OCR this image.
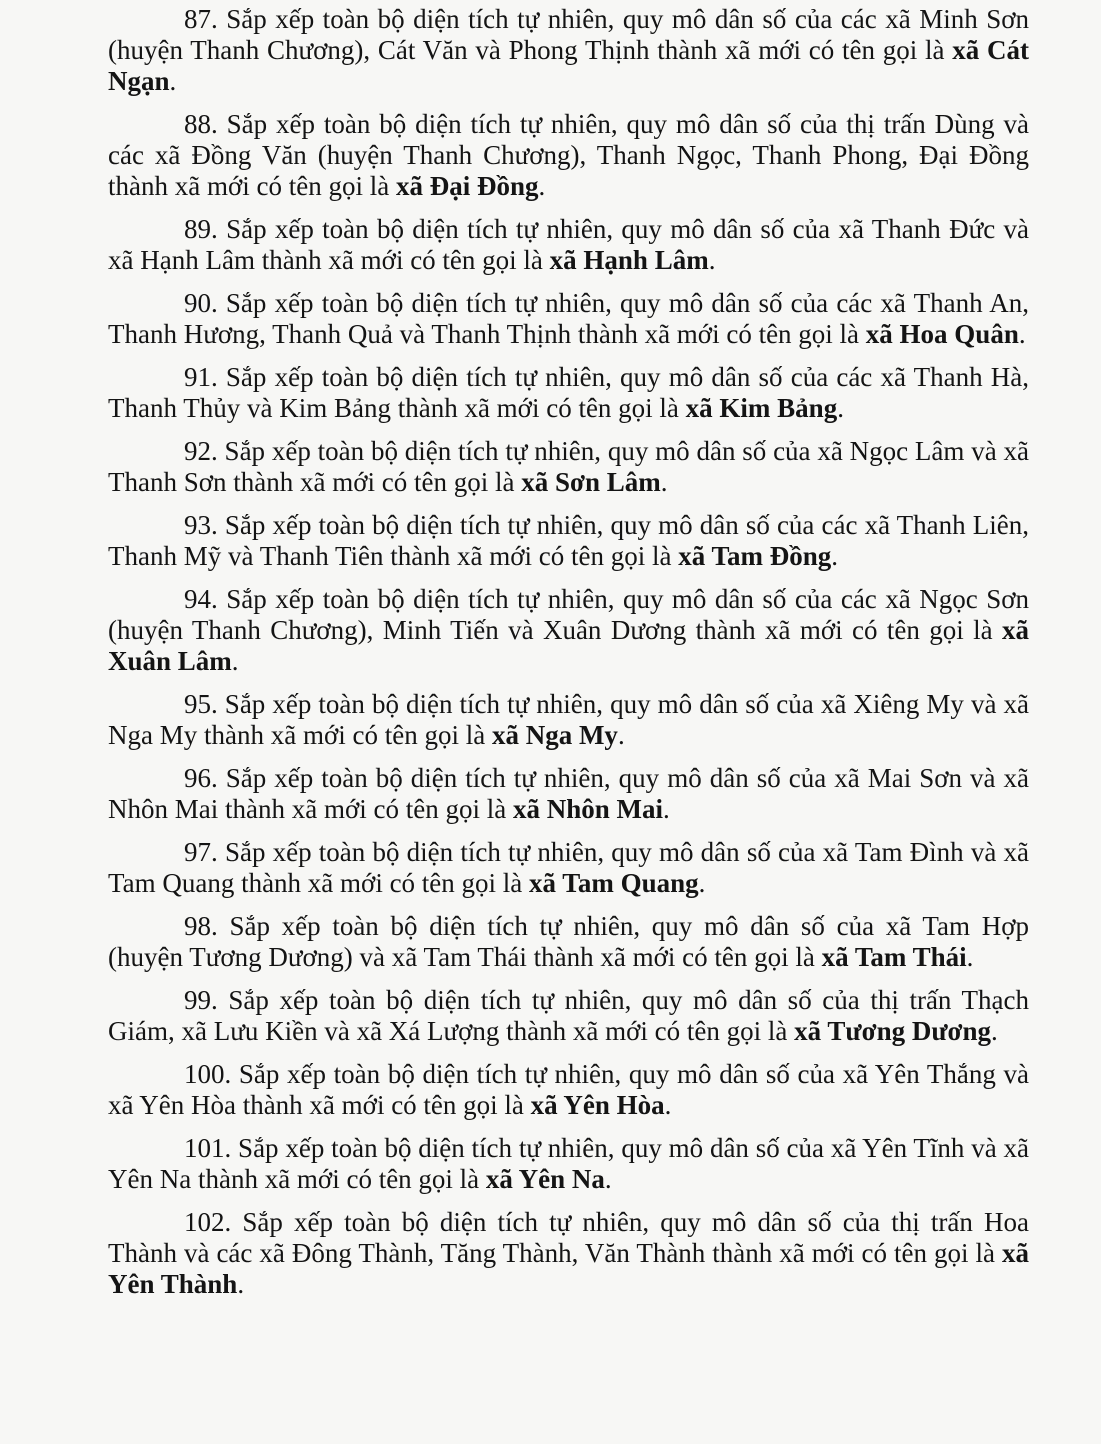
87. Sắp xếp toàn bộ diện tích tự nhiên, quy mô dân số của các xã Minh Sơn (huyện Thanh Chương), Cát Văn và Phong Thịnh thành xã mới có tên gọi là xã Cát Ngạn.

88. Sắp xếp toàn bộ diện tích tự nhiên, quy mô dân số của thị trấn Dùng và các xã Đồng Văn (huyện Thanh Chương), Thanh Ngọc, Thanh Phong, Đại Đồng thành xã mới có tên gọi là xã Đại Đồng.

89. Sắp xếp toàn bộ diện tích tự nhiên, quy mô dân số của xã Thanh Đức và xã Hạnh Lâm thành xã mới có tên gọi là xã Hạnh Lâm.

90. Sắp xếp toàn bộ diện tích tự nhiên, quy mô dân số của các xã Thanh An, Thanh Hương, Thanh Quả và Thanh Thịnh thành xã mới có tên gọi là xã Hoa Quân.

91. Sắp xếp toàn bộ diện tích tự nhiên, quy mô dân số của các xã Thanh Hà, Thanh Thủy và Kim Bảng thành xã mới có tên gọi là xã Kim Bảng.

92. Sắp xếp toàn bộ diện tích tự nhiên, quy mô dân số của xã Ngọc Lâm và xã Thanh Sơn thành xã mới có tên gọi là xã Sơn Lâm.

93. Sắp xếp toàn bộ diện tích tự nhiên, quy mô dân số của các xã Thanh Liên, Thanh Mỹ và Thanh Tiên thành xã mới có tên gọi là xã Tam Đồng.

94. Sắp xếp toàn bộ diện tích tự nhiên, quy mô dân số của các xã Ngọc Sơn (huyện Thanh Chương), Minh Tiến và Xuân Dương thành xã mới có tên gọi là xã Xuân Lâm.

95. Sắp xếp toàn bộ diện tích tự nhiên, quy mô dân số của xã Xiêng My và xã Nga My thành xã mới có tên gọi là xã Nga My.

96. Sắp xếp toàn bộ diện tích tự nhiên, quy mô dân số của xã Mai Sơn và xã Nhôn Mai thành xã mới có tên gọi là xã Nhôn Mai.

97. Sắp xếp toàn bộ diện tích tự nhiên, quy mô dân số của xã Tam Đình và xã Tam Quang thành xã mới có tên gọi là xã Tam Quang.

98. Sắp xếp toàn bộ diện tích tự nhiên, quy mô dân số của xã Tam Hợp (huyện Tương Dương) và xã Tam Thái thành xã mới có tên gọi là xã Tam Thái.

99. Sắp xếp toàn bộ diện tích tự nhiên, quy mô dân số của thị trấn Thạch Giám, xã Lưu Kiền và xã Xá Lượng thành xã mới có tên gọi là xã Tương Dương.

100. Sắp xếp toàn bộ diện tích tự nhiên, quy mô dân số của xã Yên Thắng và xã Yên Hòa thành xã mới có tên gọi là xã Yên Hòa.

101. Sắp xếp toàn bộ diện tích tự nhiên, quy mô dân số của xã Yên Tĩnh và xã Yên Na thành xã mới có tên gọi là xã Yên Na.

102. Sắp xếp toàn bộ diện tích tự nhiên, quy mô dân số của thị trấn Hoa Thành và các xã Đông Thành, Tăng Thành, Văn Thành thành xã mới có tên gọi là xã Yên Thành.
